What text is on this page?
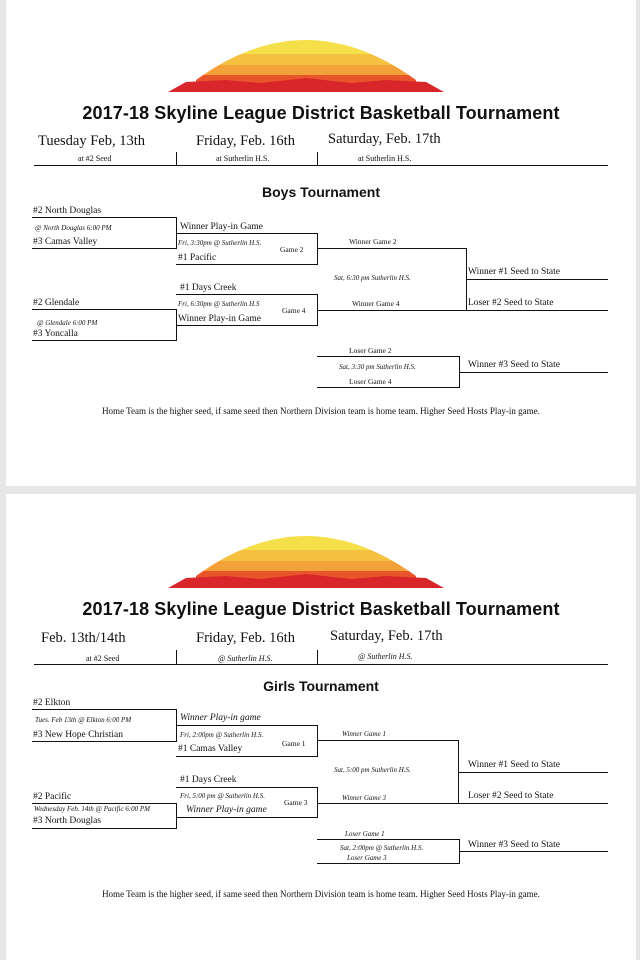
2017-18 Skyline League District Basketball Tournament
Tuesday Feb, 13th
at #2 Seed
Friday, Feb. 16th
at Sutherlin H.S.
Saturday, Feb. 17th
at Sutherlin H.S.
Boys Tournament
#2 North Douglas
@ North Douglas 6:00 PM
#3 Camas Valley
Winner Play-in Game
Fri, 3:30pm @ Sutherlin H.S.
Game 2
#1 Pacific
#1 Days Creek
Fri, 6:30pm @ Sutherlin H.S
Game 4
Winner Play-in Game
#2 Glendale
@ Glendale 6:00 PM
#3 Yoncalla
Winner Game 2
Sat, 6:30 pm Sutherlin H.S.
Winner Game 4
Winner #1 Seed to State
Loser #2 Seed to State
Loser Game 2
Sat, 3:30 pm Sutherlin H.S.
Loser Game 4
Winner #3 Seed to State
Home Team is the higher seed, if same seed then Northern Division team is home team. Higher Seed Hosts Play-in game.
2017-18 Skyline League District Basketball Tournament
Feb. 13th/14th
at #2 Seed
Friday, Feb. 16th
@ Sutherlin H.S.
Saturday, Feb. 17th
@ Sutherlin H.S.
Girls Tournament
#2 Elkton
Tues. Feb 13th @ Elkton 6:00 PM
#3 New Hope Christian
Winner Play-in game
Fri, 2:00pm @ Sutherlin H.S.
Game 1
#1 Camas Valley
#1 Days Creek
Fri, 5:00 pm @ Sutherlin H.S.
Game 3
Winner Play-in game
#2 Pacific
Wednesday Feb. 14th @ Pacific 6:00 PM
#3 North Douglas
Winner Game 1
Sat, 5:00 pm Sutherlin H.S.
Winner Game 3
Winner #1 Seed to State
Loser #2 Seed to State
Loser Game 1
Sat, 2:00pm @ Sutherlin H.S.
Loser Game 3
Winner #3 Seed to State
Home Team is the higher seed, if same seed then Northern Division team is home team. Higher Seed Hosts Play-in game.
